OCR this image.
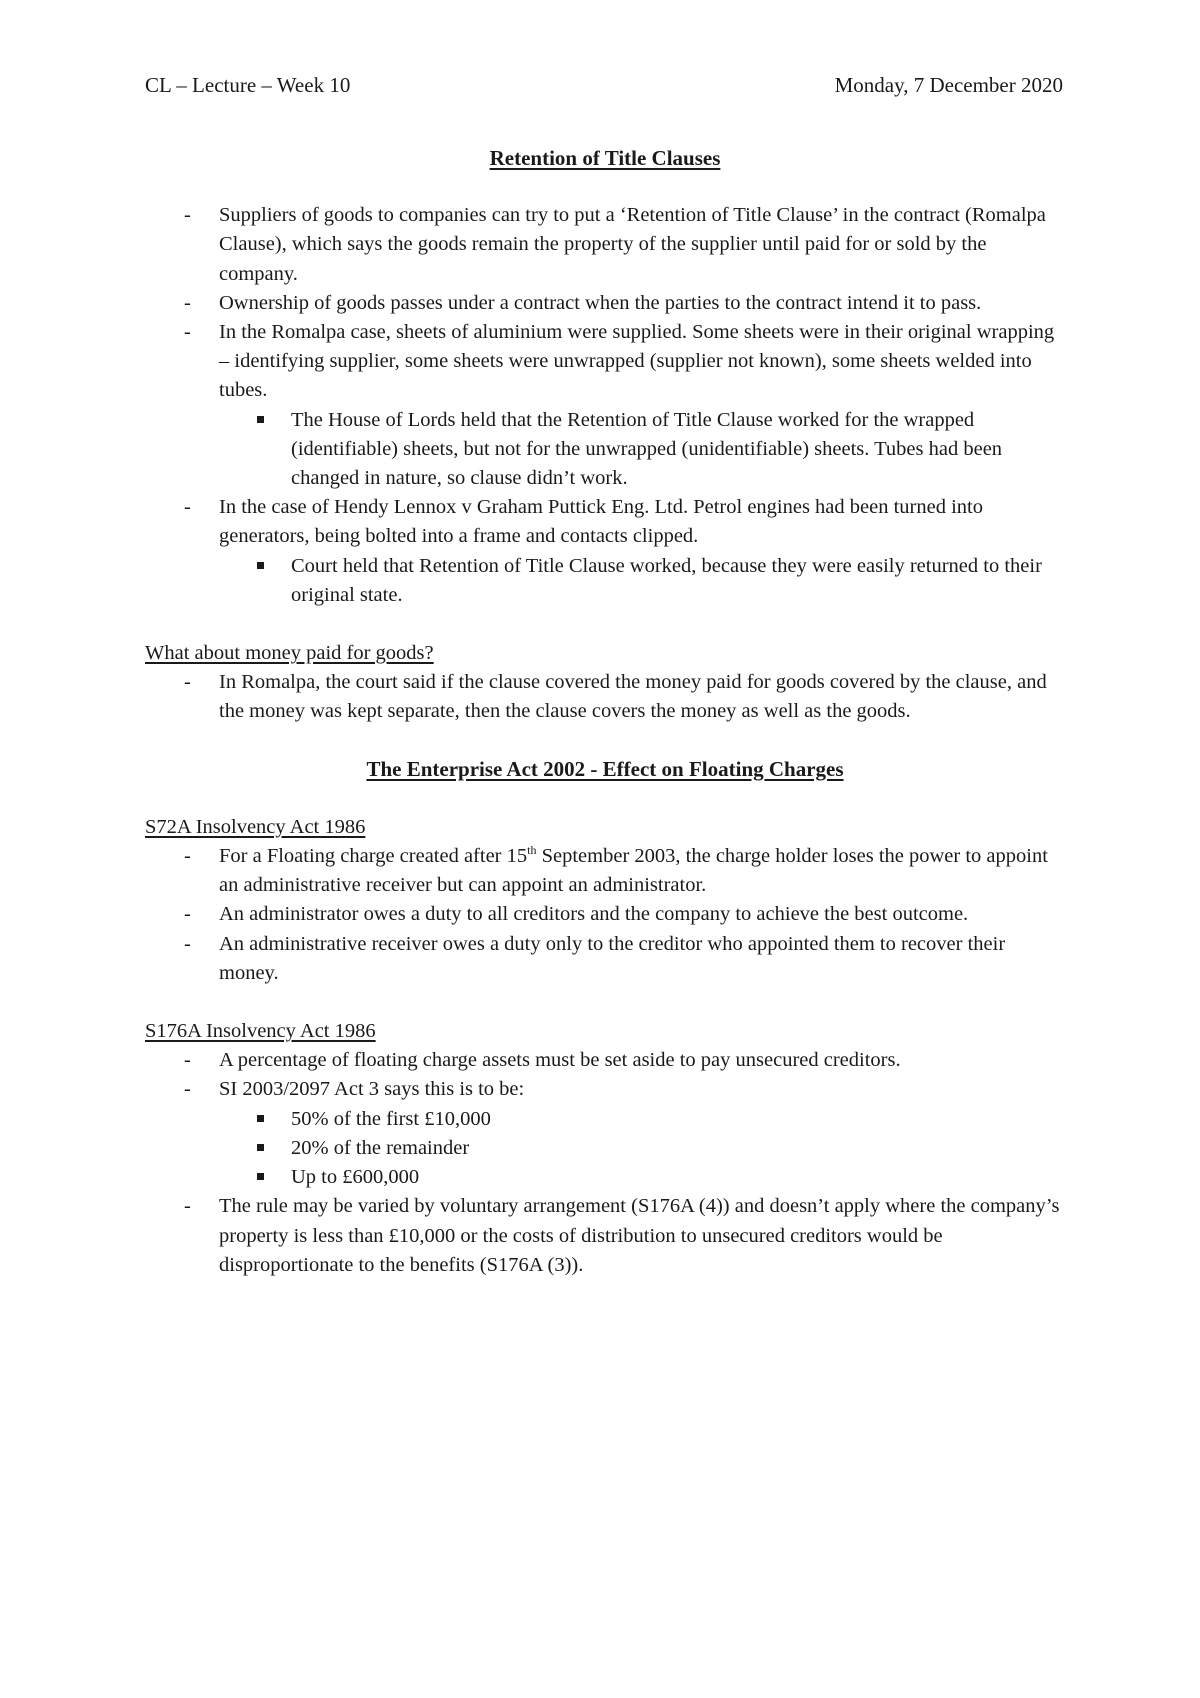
CL – Lecture – Week 10	Monday, 7 December 2020
Retention of Title Clauses
- Suppliers of goods to companies can try to put a ‘Retention of Title Clause’ in the contract (Romalpa Clause), which says the goods remain the property of the supplier until paid for or sold by the company.
- Ownership of goods passes under a contract when the parties to the contract intend it to pass.
- In the Romalpa case, sheets of aluminium were supplied. Some sheets were in their original wrapping – identifying supplier, some sheets were unwrapped (supplier not known), some sheets welded into tubes.
The House of Lords held that the Retention of Title Clause worked for the wrapped (identifiable) sheets, but not for the unwrapped (unidentifiable) sheets. Tubes had been changed in nature, so clause didn’t work.
- In the case of Hendy Lennox v Graham Puttick Eng. Ltd. Petrol engines had been turned into generators, being bolted into a frame and contacts clipped.
Court held that Retention of Title Clause worked, because they were easily returned to their original state.
What about money paid for goods?
- In Romalpa, the court said if the clause covered the money paid for goods covered by the clause, and the money was kept separate, then the clause covers the money as well as the goods.
The Enterprise Act 2002 - Effect on Floating Charges
S72A Insolvency Act 1986
- For a Floating charge created after 15th September 2003, the charge holder loses the power to appoint an administrative receiver but can appoint an administrator.
- An administrator owes a duty to all creditors and the company to achieve the best outcome.
- An administrative receiver owes a duty only to the creditor who appointed them to recover their money.
S176A Insolvency Act 1986
- A percentage of floating charge assets must be set aside to pay unsecured creditors.
- SI 2003/2097 Act 3 says this is to be:
50% of the first £10,000
20% of the remainder
Up to £600,000
- The rule may be varied by voluntary arrangement (S176A (4)) and doesn’t apply where the company’s property is less than £10,000 or the costs of distribution to unsecured creditors would be disproportionate to the benefits (S176A (3)).
